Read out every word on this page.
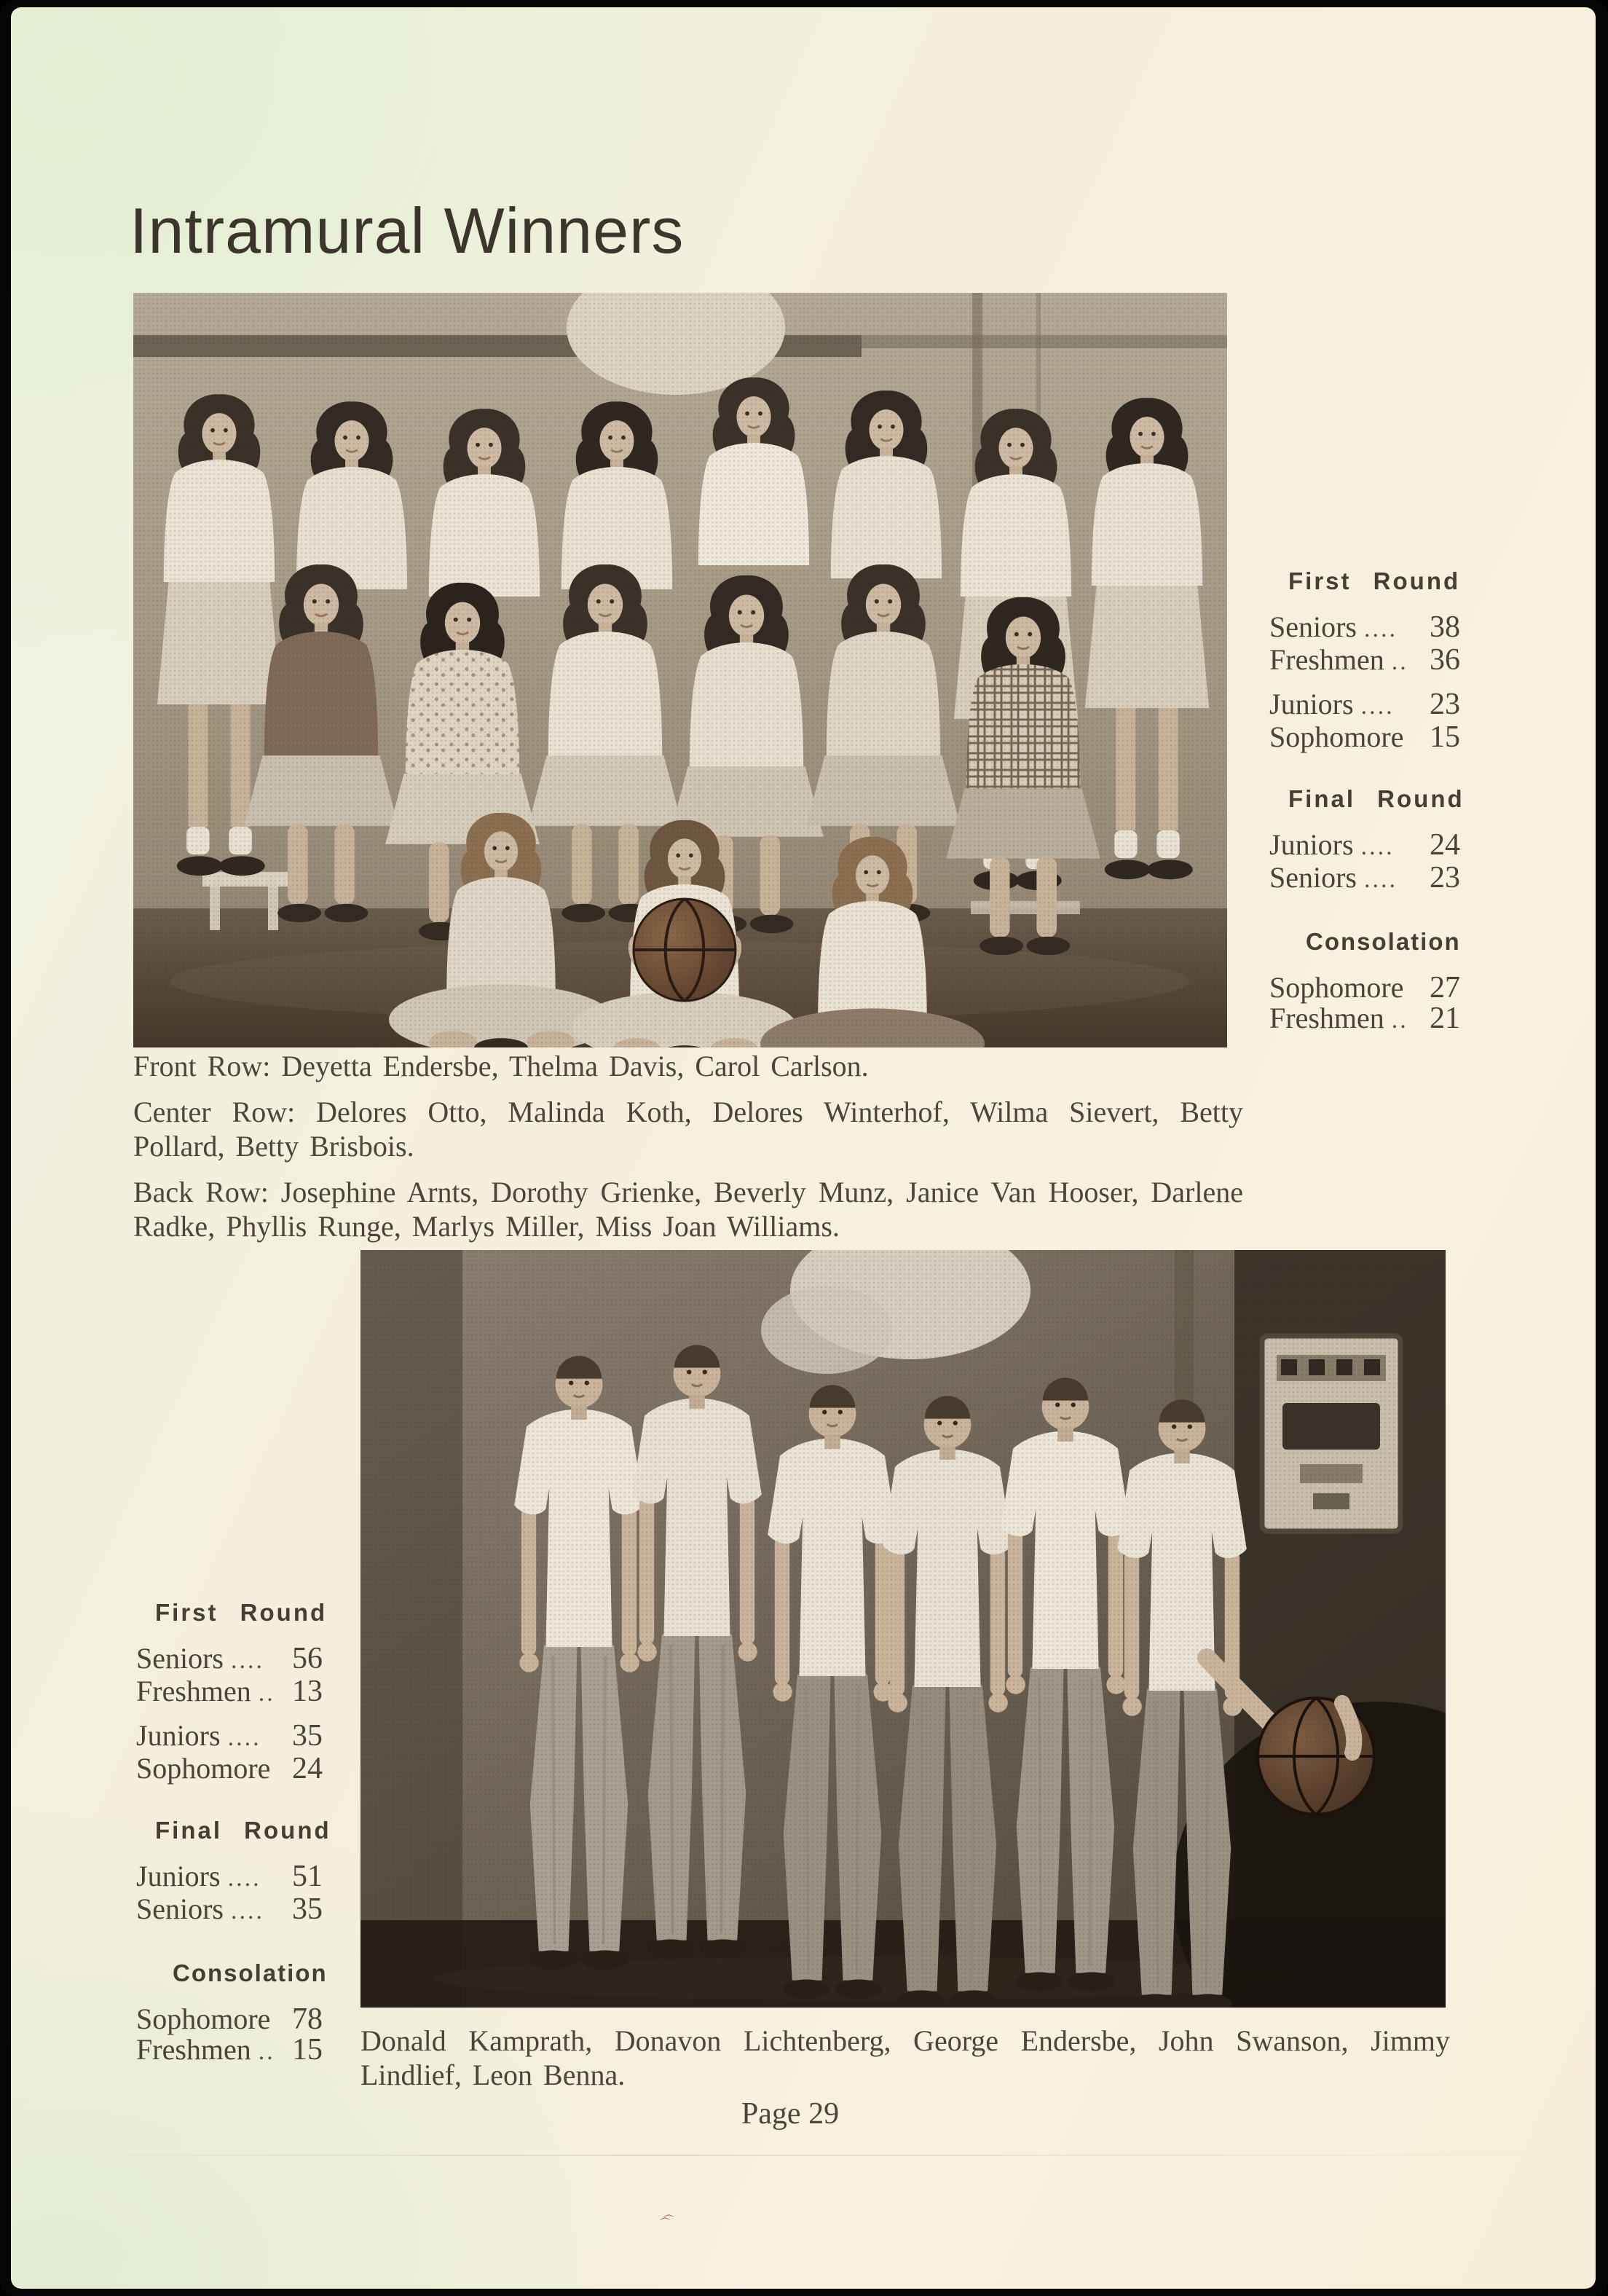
Intramural Winners
First Round
Seniors .... 38
Freshmen .. 36
Juniors .... 23
Sophomore 15
Final Round
Juniors .... 24
Seniors .... 23
Consolation
Sophomore 27
Freshmen .. 21

Front Row: Deyetta Endersbe, Thelma Davis, Carol Carlson.

Center Row: Delores Otto, Malinda Koth, Delores Winterhof, Wilma Sievert, Betty Pollard, Betty Brisbois.

Back Row: Josephine Arnts, Dorothy Grienke, Beverly Munz, Janice Van Hooser, Darlene Radke, Phyllis Runge, Marlys Miller, Miss Joan Williams.

First Round
Seniors .... 56
Freshmen .. 13
Juniors .... 35
Sophomore 24
Final Round
Juniors .... 51
Seniors .... 35
Consolation
Sophomore 78
Freshmen .. 15 Donald Kamprath, Donavon Lichtenberg, George Endersbe, John Swanson, Jimmy Lindlief, Leon Benna.

Page 29
